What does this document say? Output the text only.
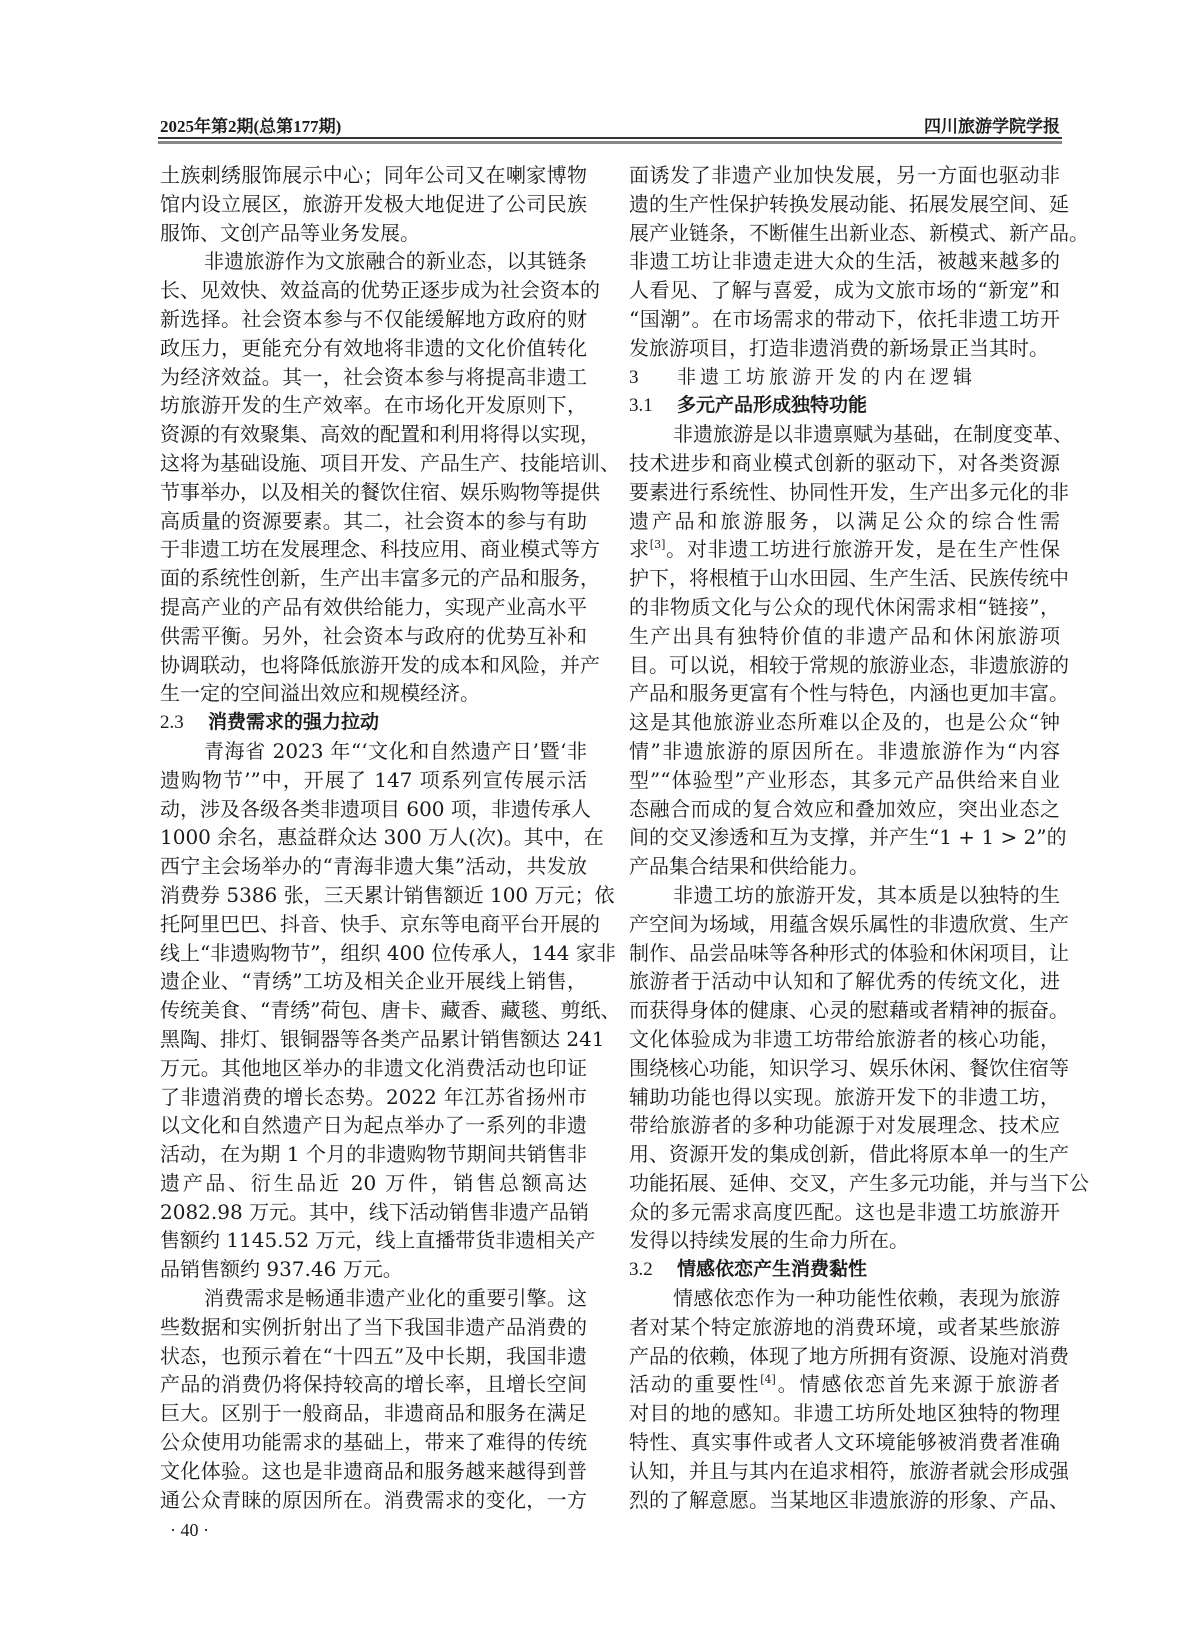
2025年第2期(总第177期)	四川旅游学院学报
土族刺绣服饰展示中心；同年公司又在喇家博物
馆内设立展区，旅游开发极大地促进了公司民族
服饰、文创产品等业务发展。
非遗旅游作为文旅融合的新业态，以其链条
长、见效快、效益高的优势正逐步成为社会资本的
新选择。社会资本参与不仅能缓解地方政府的财
政压力，更能充分有效地将非遗的文化价值转化
为经济效益。其一，社会资本参与将提高非遗工
坊旅游开发的生产效率。在市场化开发原则下，
资源的有效聚集、高效的配置和利用将得以实现，
这将为基础设施、项目开发、产品生产、技能培训、
节事举办，以及相关的餐饮住宿、娱乐购物等提供
高质量的资源要素。其二，社会资本的参与有助
于非遗工坊在发展理念、科技应用、商业模式等方
面的系统性创新，生产出丰富多元的产品和服务，
提高产业的产品有效供给能力，实现产业高水平
供需平衡。另外，社会资本与政府的优势互补和
协调联动，也将降低旅游开发的成本和风险，并产
生一定的空间溢出效应和规模经济。
2.3 消费需求的强力拉动
青海省 2023 年“‘文化和自然遗产日’暨‘非
遗购物节’”中，开展了 147 项系列宣传展示活
动，涉及各级各类非遗项目 600 项，非遗传承人
1000 余名，惠益群众达 300 万人(次)。其中，在
西宁主会场举办的“青海非遗大集”活动，共发放
消费券 5386 张，三天累计销售额近 100 万元；依
托阿里巴巴、抖音、快手、京东等电商平台开展的
线上“非遗购物节”，组织 400 位传承人，144 家非
遗企业、“青绣”工坊及相关企业开展线上销售，
传统美食、“青绣”荷包、唐卡、藏香、藏毯、剪纸、
黑陶、排灯、银铜器等各类产品累计销售额达 241
万元。其他地区举办的非遗文化消费活动也印证
了非遗消费的增长态势。2022 年江苏省扬州市
以文化和自然遗产日为起点举办了一系列的非遗
活动，在为期 1 个月的非遗购物节期间共销售非
遗产品、衍生品近 20 万件，销售总额高达
2082.98 万元。其中，线下活动销售非遗产品销
售额约 1145.52 万元，线上直播带货非遗相关产
品销售额约 937.46 万元。
消费需求是畅通非遗产业化的重要引擎。这
些数据和实例折射出了当下我国非遗产品消费的
状态，也预示着在“十四五”及中长期，我国非遗
产品的消费仍将保持较高的增长率，且增长空间
巨大。区别于一般商品，非遗商品和服务在满足
公众使用功能需求的基础上，带来了难得的传统
文化体验。这也是非遗商品和服务越来越得到普
通公众青睐的原因所在。消费需求的变化，一方
面诱发了非遗产业加快发展，另一方面也驱动非
遗的生产性保护转换发展动能、拓展发展空间、延
展产业链条，不断催生出新业态、新模式、新产品。
非遗工坊让非遗走进大众的生活，被越来越多的
人看见、了解与喜爱，成为文旅市场的“新宠”和
“国潮”。在市场需求的带动下，依托非遗工坊开
发旅游项目，打造非遗消费的新场景正当其时。
3 非遗工坊旅游开发的内在逻辑
3.1 多元产品形成独特功能
非遗旅游是以非遗禀赋为基础，在制度变革、
技术进步和商业模式创新的驱动下，对各类资源
要素进行系统性、协同性开发，生产出多元化的非
遗产品和旅游服务，以满足公众的综合性需
求[3]。对非遗工坊进行旅游开发，是在生产性保
护下，将根植于山水田园、生产生活、民族传统中
的非物质文化与公众的现代休闲需求相“链接”，
生产出具有独特价值的非遗产品和休闲旅游项
目。可以说，相较于常规的旅游业态，非遗旅游的
产品和服务更富有个性与特色，内涵也更加丰富。
这是其他旅游业态所难以企及的，也是公众“钟
情”非遗旅游的原因所在。非遗旅游作为“内容
型”“体验型”产业形态，其多元产品供给来自业
态融合而成的复合效应和叠加效应，突出业态之
间的交叉渗透和互为支撑，并产生“1 + 1 > 2”的
产品集合结果和供给能力。
非遗工坊的旅游开发，其本质是以独特的生
产空间为场域，用蕴含娱乐属性的非遗欣赏、生产
制作、品尝品味等各种形式的体验和休闲项目，让
旅游者于活动中认知和了解优秀的传统文化，进
而获得身体的健康、心灵的慰藉或者精神的振奋。
文化体验成为非遗工坊带给旅游者的核心功能，
围绕核心功能，知识学习、娱乐休闲、餐饮住宿等
辅助功能也得以实现。旅游开发下的非遗工坊，
带给旅游者的多种功能源于对发展理念、技术应
用、资源开发的集成创新，借此将原本单一的生产
功能拓展、延伸、交叉，产生多元功能，并与当下公
众的多元需求高度匹配。这也是非遗工坊旅游开
发得以持续发展的生命力所在。
3.2 情感依恋产生消费黏性
情感依恋作为一种功能性依赖，表现为旅游
者对某个特定旅游地的消费环境，或者某些旅游
产品的依赖，体现了地方所拥有资源、设施对消费
活动的重要性[4]。情感依恋首先来源于旅游者
对目的地的感知。非遗工坊所处地区独特的物理
特性、真实事件或者人文环境能够被消费者准确
认知，并且与其内在追求相符，旅游者就会形成强
烈的了解意愿。当某地区非遗旅游的形象、产品、
· 40 ·
